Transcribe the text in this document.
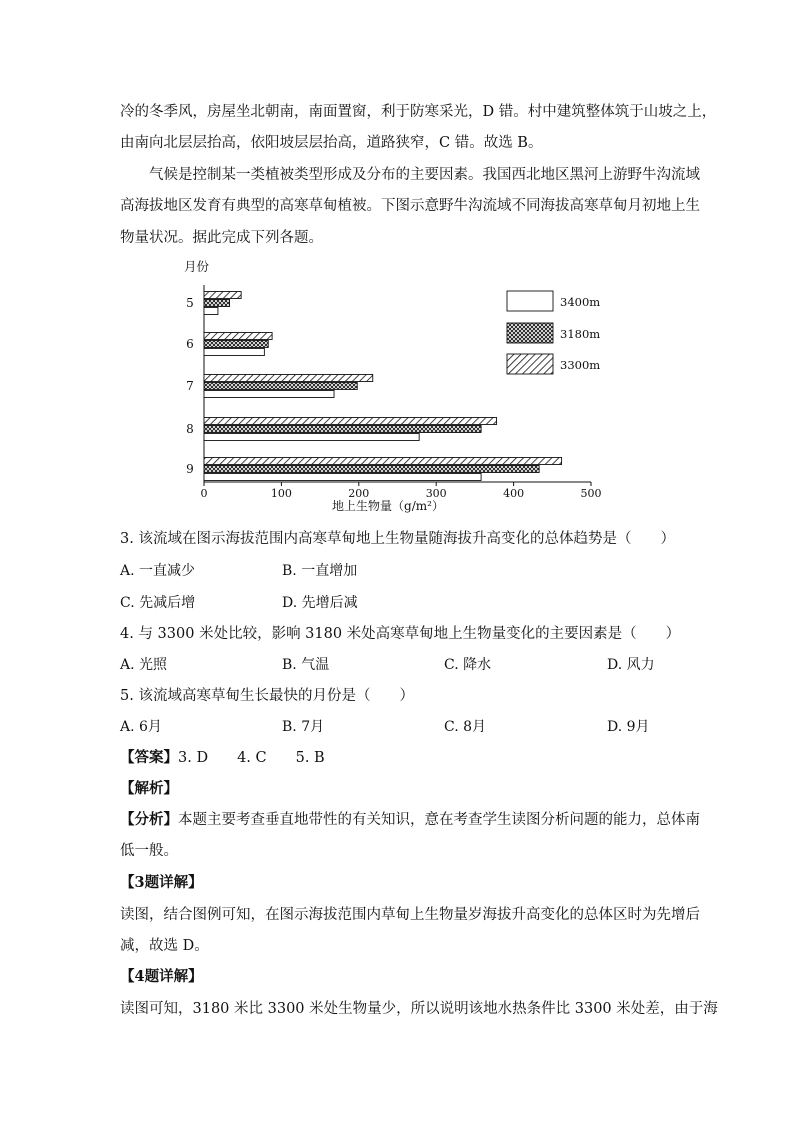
冷的冬季风，房屋坐北朝南，南面置窗，利于防寒采光，D 错。村中建筑整体筑于山坡之上，
由南向北层层抬高，依阳坡层层抬高，道路狭窄，C 错。故选 B。
气候是控制某一类植被类型形成及分布的主要因素。我国西北地区黑河上游野牛沟流域
高海拔地区发育有典型的高寒草甸植被。下图示意野牛沟流域不同海拔高寒草甸月初地上生
物量状况。据此完成下列各题。
月份
0	100	200	300	400	500
地上生物量（g/m²）
5
6
7
8
9
3400m
3180m
3300m
3. 该流域在图示海拔范围内高寒草甸地上生物量随海拔升高变化的总体趋势是（　　）
A. 一直减少	B. 一直增加
C. 先减后增	D. 先增后减
4. 与 3300 米处比较，影响 3180 米处高寒草甸地上生物量变化的主要因素是（　　）
A. 光照	B. 气温	C. 降水	D. 风力
5. 该流域高寒草甸生长最快的月份是（　　）
A. 6月	B. 7月	C. 8月	D. 9月
【答案】3. D　　4. C　　5. B
【解析】
【分析】本题主要考查垂直地带性的有关知识，意在考查学生读图分析问题的能力，总体南
低一般。
【3题详解】
读图，结合图例可知，在图示海拔范围内草甸上生物量岁海拔升高变化的总体区时为先增后
减，故选 D。
【4题详解】
读图可知，3180 米比 3300 米处生物量少，所以说明该地水热条件比 3300 米处差，由于海
